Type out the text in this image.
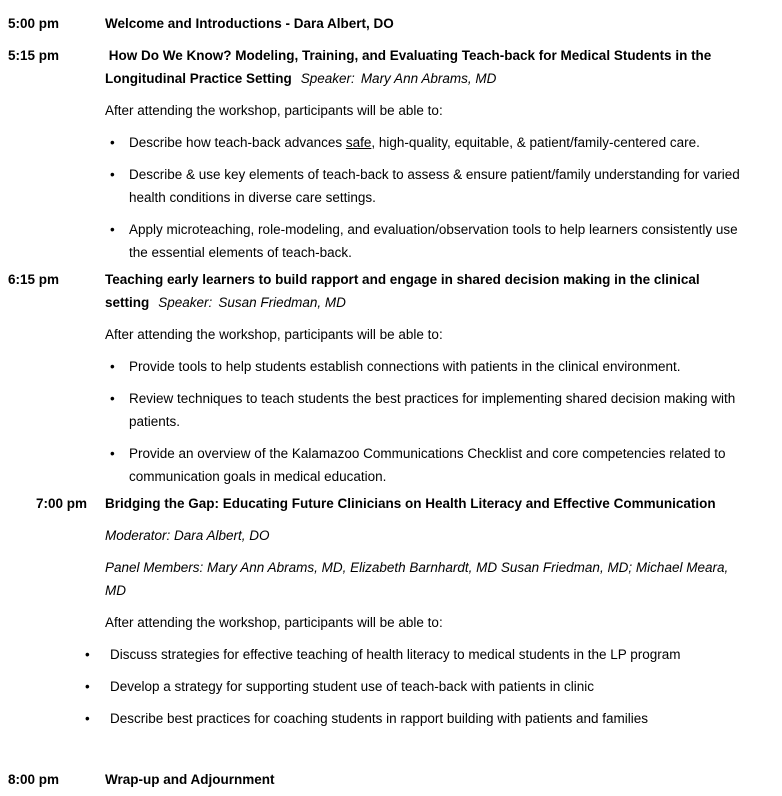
5:00 pm	Welcome and Introductions - Dara Albert, DO

5:15 pm	How Do We Know? Modeling, Training, and Evaluating Teach-back for Medical Students in the Longitudinal Practice Setting Speaker: Mary Ann Abrams, MD

After attending the workshop, participants will be able to:

• Describe how teach-back advances safe, high-quality, equitable, & patient/family-centered care.
• Describe & use key elements of teach-back to assess & ensure patient/family understanding for varied health conditions in diverse care settings.
• Apply microteaching, role-modeling, and evaluation/observation tools to help learners consistently use the essential elements of teach-back.
6:15 pm	Teaching early learners to build rapport and engage in shared decision making in the clinical setting Speaker: Susan Friedman, MD

After attending the workshop, participants will be able to:

• Provide tools to help students establish connections with patients in the clinical environment.
• Review techniques to teach students the best practices for implementing shared decision making with patients.
• Provide an overview of the Kalamazoo Communications Checklist and core competencies related to communication goals in medical education.
7:00 pm	Bridging the Gap: Educating Future Clinicians on Health Literacy and Effective Communication

Moderator: Dara Albert, DO

Panel Members: Mary Ann Abrams, MD, Elizabeth Barnhardt, MD Susan Friedman, MD; Michael Meara, MD

After attending the workshop, participants will be able to:

• Discuss strategies for effective teaching of health literacy to medical students in the LP program
• Develop a strategy for supporting student use of teach-back with patients in clinic
• Describe best practices for coaching students in rapport building with patients and families
8:00 pm	Wrap-up and Adjournment
